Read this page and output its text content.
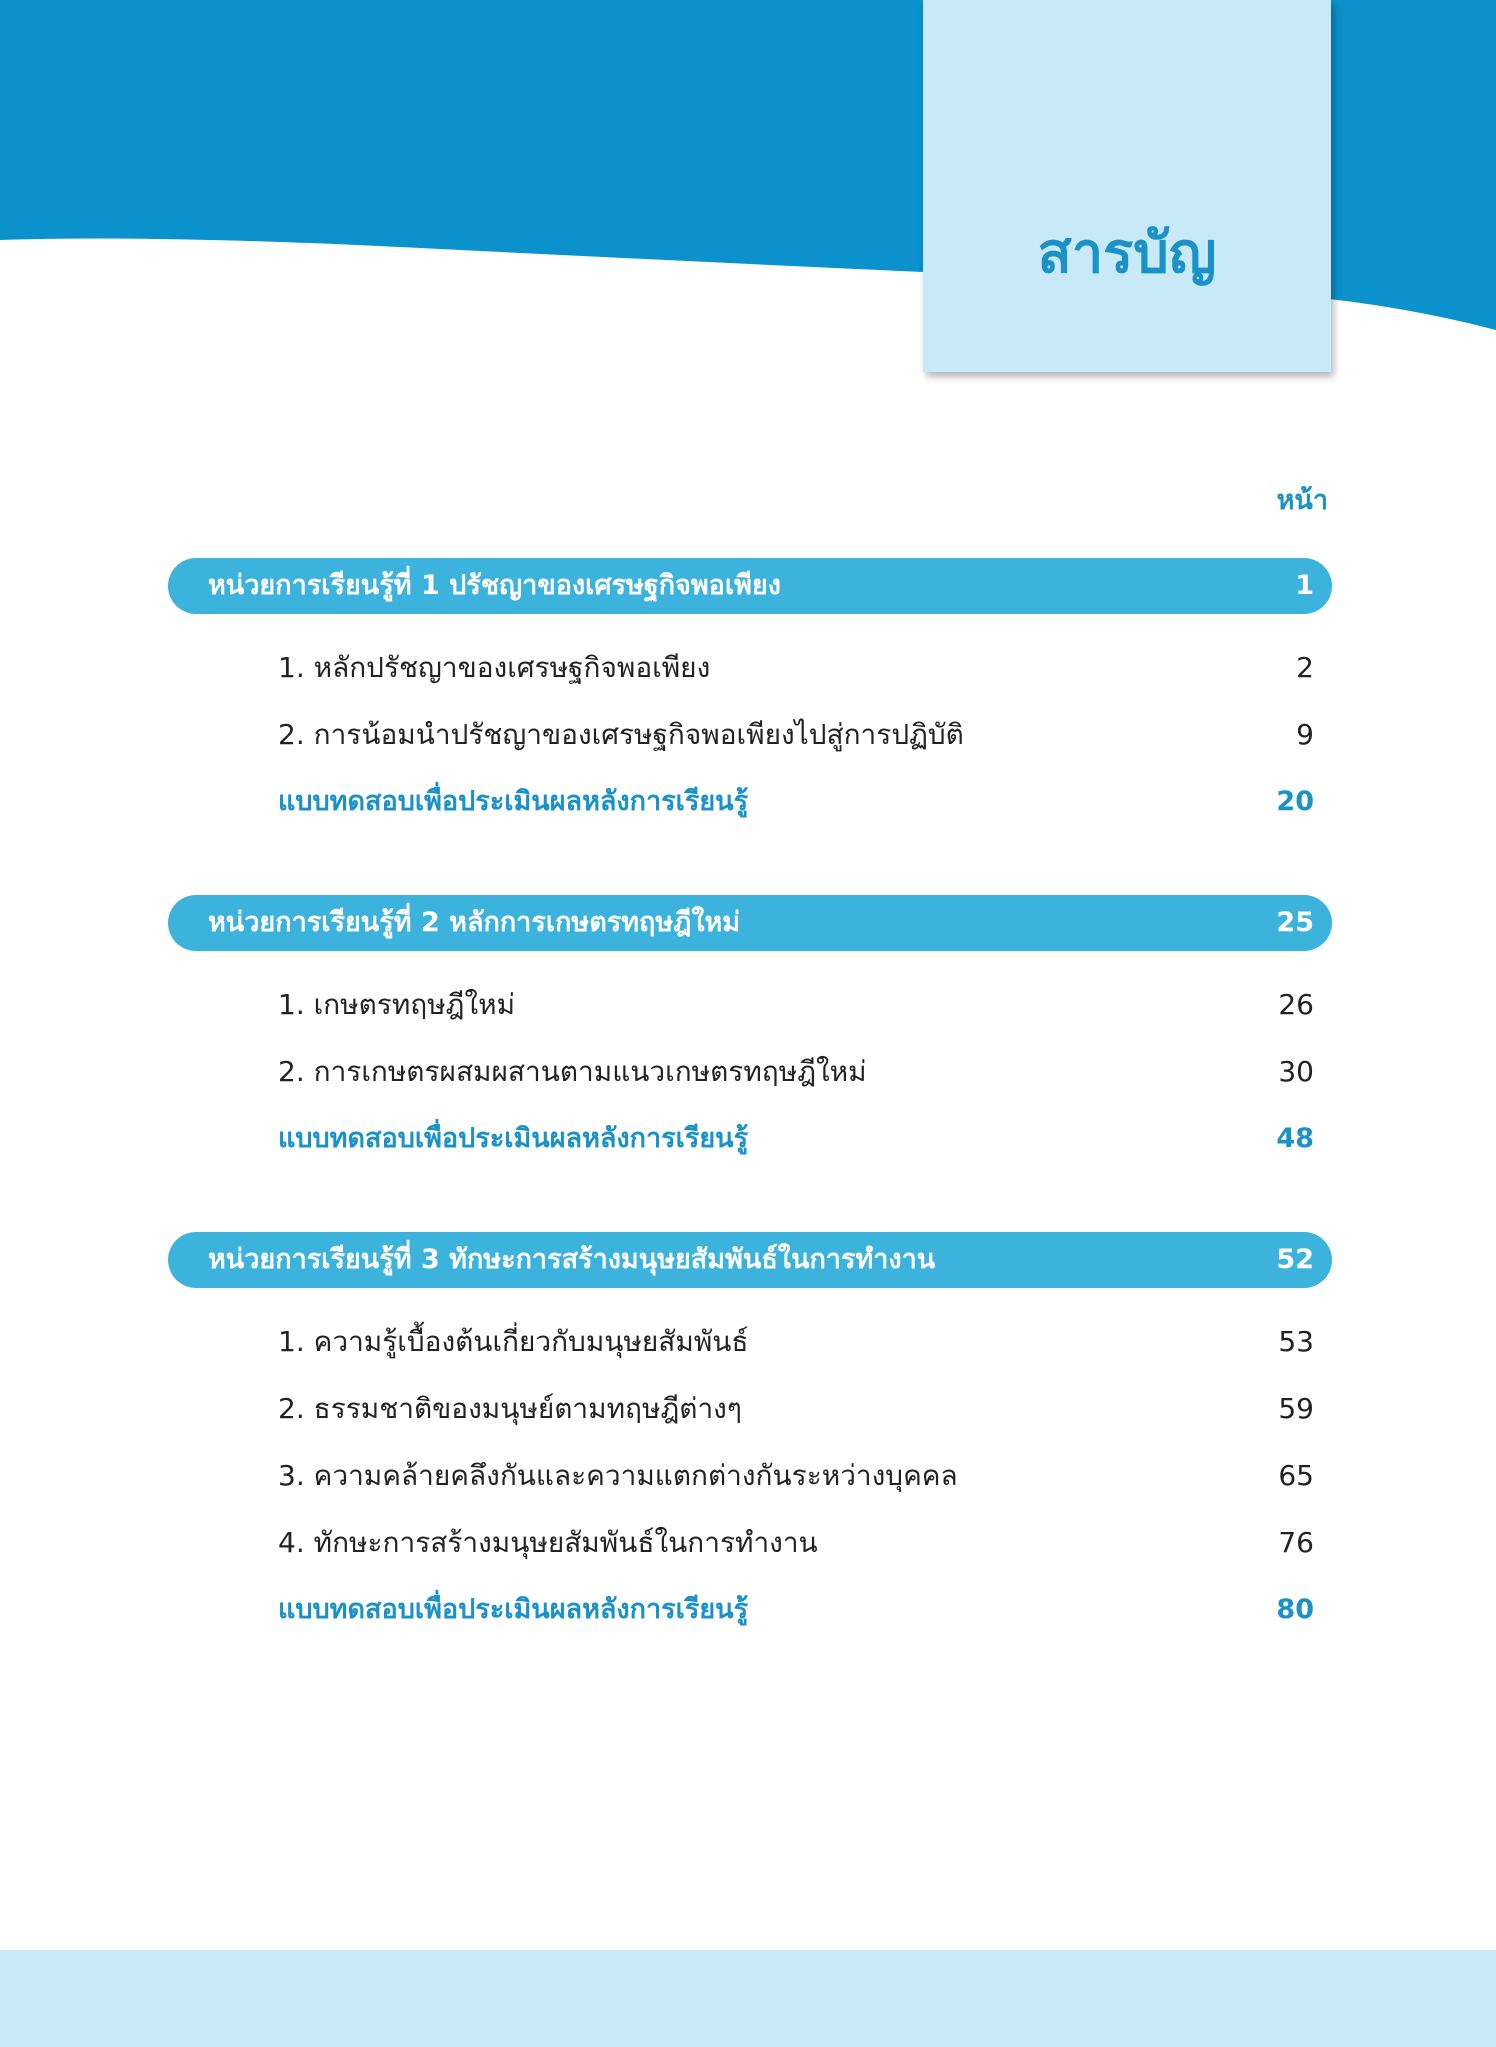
สารบัญ
หน้า
หน่วยการเรียนรู้ที่ 1 ปรัชญาของเศรษฐกิจพอเพียง	1
1. หลักปรัชญาของเศรษฐกิจพอเพียง	2
2. การน้อมนำปรัชญาของเศรษฐกิจพอเพียงไปสู่การปฏิบัติ	9
แบบทดสอบเพื่อประเมินผลหลังการเรียนรู้	20
หน่วยการเรียนรู้ที่ 2 หลักการเกษตรทฤษฎีใหม่	25
1. เกษตรทฤษฎีใหม่	26
2. การเกษตรผสมผสานตามแนวเกษตรทฤษฎีใหม่	30
แบบทดสอบเพื่อประเมินผลหลังการเรียนรู้	48
หน่วยการเรียนรู้ที่ 3 ทักษะการสร้างมนุษยสัมพันธ์ในการทำงาน	52
1. ความรู้เบื้องต้นเกี่ยวกับมนุษยสัมพันธ์	53
2. ธรรมชาติของมนุษย์ตามทฤษฎีต่างๆ	59
3. ความคล้ายคลึงกันและความแตกต่างกันระหว่างบุคคล	65
4. ทักษะการสร้างมนุษยสัมพันธ์ในการทำงาน	76
แบบทดสอบเพื่อประเมินผลหลังการเรียนรู้	80
